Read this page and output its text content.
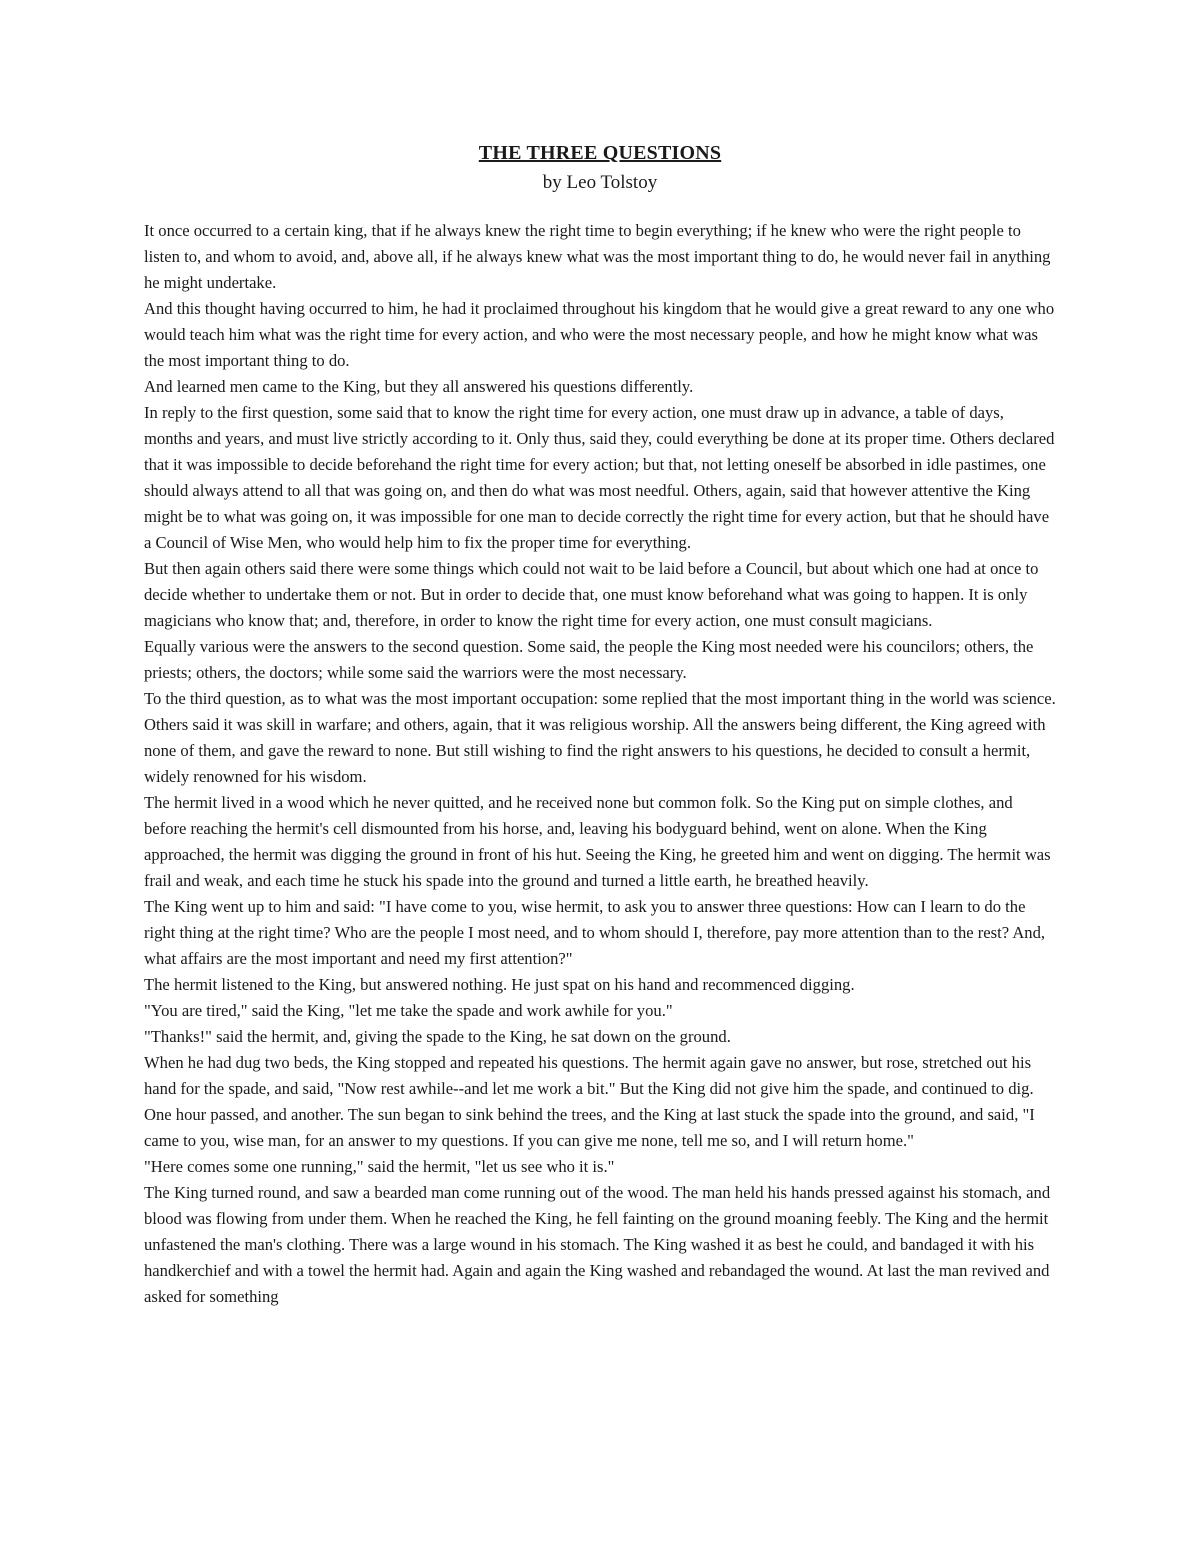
THE THREE QUESTIONS
by Leo Tolstoy

It once occurred to a certain king, that if he always knew the right time to begin everything; if he knew who were the right people to listen to, and whom to avoid, and, above all, if he always knew what was the most important thing to do, he would never fail in anything he might undertake.

And this thought having occurred to him, he had it proclaimed throughout his kingdom that he would give a great reward to any one who would teach him what was the right time for every action, and who were the most necessary people, and how he might know what was the most important thing to do.

And learned men came to the King, but they all answered his questions differently.

In reply to the first question, some said that to know the right time for every action, one must draw up in advance, a table of days, months and years, and must live strictly according to it. Only thus, said they, could everything be done at its proper time. Others declared that it was impossible to decide beforehand the right time for every action; but that, not letting oneself be absorbed in idle pastimes, one should always attend to all that was going on, and then do what was most needful. Others, again, said that however attentive the King might be to what was going on, it was impossible for one man to decide correctly the right time for every action, but that he should have a Council of Wise Men, who would help him to fix the proper time for everything.

But then again others said there were some things which could not wait to be laid before a Council, but about which one had at once to decide whether to undertake them or not. But in order to decide that, one must know beforehand what was going to happen. It is only magicians who know that; and, therefore, in order to know the right time for every action, one must consult magicians.

Equally various were the answers to the second question. Some said, the people the King most needed were his councilors; others, the priests; others, the doctors; while some said the warriors were the most necessary.

To the third question, as to what was the most important occupation: some replied that the most important thing in the world was science. Others said it was skill in warfare; and others, again, that it was religious worship. All the answers being different, the King agreed with none of them, and gave the reward to none. But still wishing to find the right answers to his questions, he decided to consult a hermit, widely renowned for his wisdom.

The hermit lived in a wood which he never quitted, and he received none but common folk. So the King put on simple clothes, and before reaching the hermit's cell dismounted from his horse, and, leaving his bodyguard behind, went on alone. When the King approached, the hermit was digging the ground in front of his hut. Seeing the King, he greeted him and went on digging. The hermit was frail and weak, and each time he stuck his spade into the ground and turned a little earth, he breathed heavily.

The King went up to him and said: "I have come to you, wise hermit, to ask you to answer three questions: How can I learn to do the right thing at the right time? Who are the people I most need, and to whom should I, therefore, pay more attention than to the rest? And, what affairs are the most important and need my first attention?"

The hermit listened to the King, but answered nothing. He just spat on his hand and recommenced digging.

"You are tired," said the King, "let me take the spade and work awhile for you."

"Thanks!" said the hermit, and, giving the spade to the King, he sat down on the ground.

When he had dug two beds, the King stopped and repeated his questions. The hermit again gave no answer, but rose, stretched out his hand for the spade, and said, "Now rest awhile--and let me work a bit." But the King did not give him the spade, and continued to dig. One hour passed, and another. The sun began to sink behind the trees, and the King at last stuck the spade into the ground, and said, "I came to you, wise man, for an answer to my questions. If you can give me none, tell me so, and I will return home."

"Here comes some one running," said the hermit, "let us see who it is."

The King turned round, and saw a bearded man come running out of the wood. The man held his hands pressed against his stomach, and blood was flowing from under them. When he reached the King, he fell fainting on the ground moaning feebly. The King and the hermit unfastened the man's clothing. There was a large wound in his stomach. The King washed it as best he could, and bandaged it with his handkerchief and with a towel the hermit had. Again and again the King washed and rebandaged the wound. At last the man revived and asked for something
